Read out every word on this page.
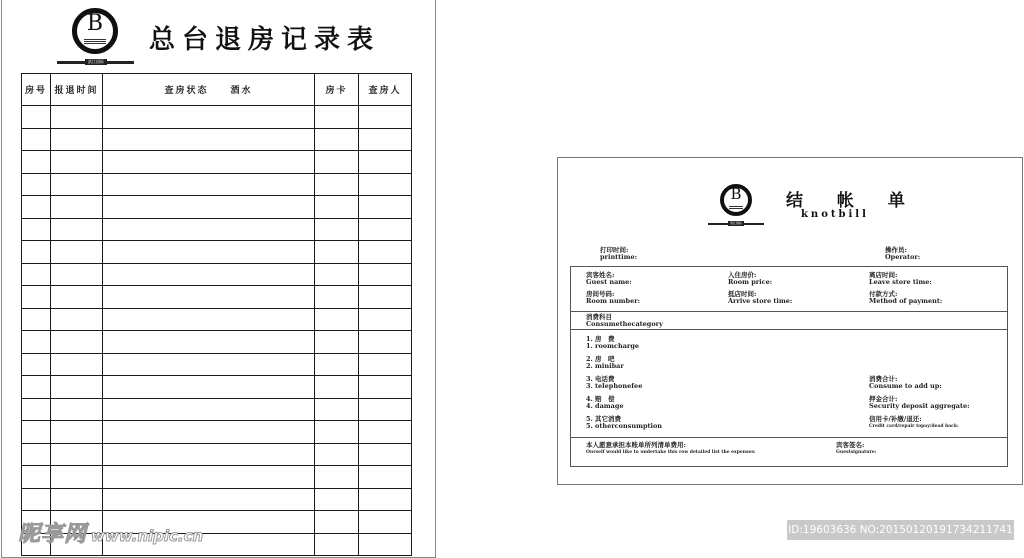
B
滨江国际
总台退房记录表
房号	报退时间	查房状态　　酒水	房卡	查房人

昵享网 www.nipic.cn
B
滨江国际
结 帐 单
knotbill
打印时间:
printtime:
操作员:
Operator:
宾客姓名:
Guest name:
入住房价:
Room price:
离店时间:
Leave store time:
房间号码:
Room number:
抵店时间:
Arrive store time:
付款方式:
Method of payment:
消费科目
Consumethecategory
1. 房　费
1. roomcharge
2. 房　吧
2. minibar
3. 电话费
3. telephonefee
4. 赔　偿
4. damage
5. 其它消费
5. otherconsumption
消费合计:
Consume to add up:
押金合计:
Security deposit aggregate:
信用卡/补缴/退还:
Credit card/repair topay/dead back:
本人愿意承担本账单所列清单费用:
Ourself would like to undertake this row detailed list the expenses:
宾客签名:
Guestsignature:
ID:19603636 NO:20150120191734211741
